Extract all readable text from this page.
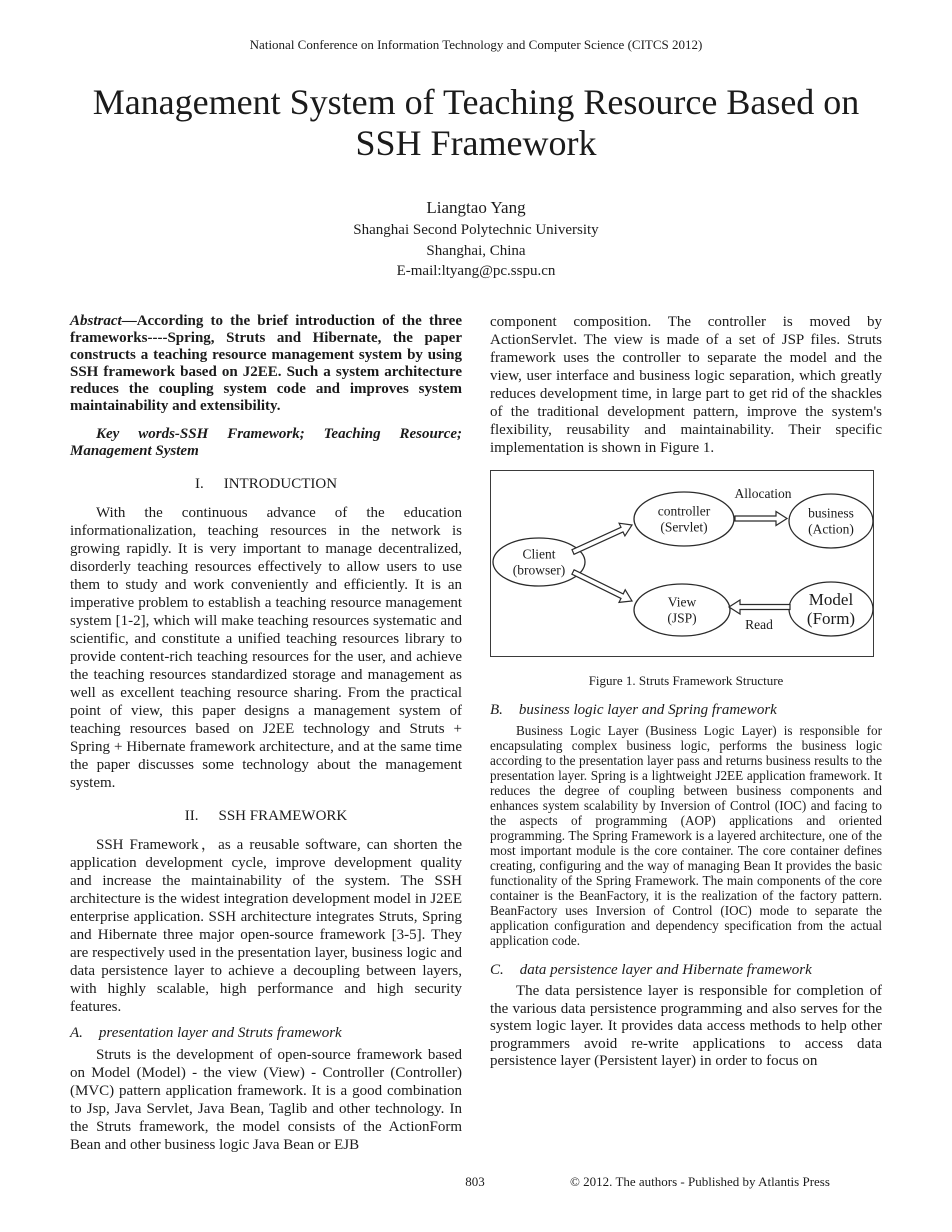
National Conference on Information Technology and Computer Science (CITCS 2012)
Management System of Teaching Resource Based on
SSH Framework
Liangtao Yang
Shanghai Second Polytechnic University
Shanghai, China
E-mail:ltyang@pc.sspu.cn

Abstract—According to the brief introduction of the three frameworks----Spring, Struts and Hibernate, the paper constructs a teaching resource management system by using SSH framework based on J2EE. Such a system architecture reduces the coupling system code and improves system maintainability and extensibility.

Key words-SSH Framework; Teaching Resource; Management System

I. INTRODUCTION

With the continuous advance of the education informationalization, teaching resources in the network is growing rapidly. It is very important to manage decentralized, disorderly teaching resources effectively to allow users to use them to study and work conveniently and efficiently. It is an imperative problem to establish a teaching resource management system [1-2], which will make teaching resources systematic and scientific, and constitute a unified teaching resources library to provide content-rich teaching resources for the user, and achieve the teaching resources standardized storage and management as well as excellent teaching resource sharing. From the practical point of view, this paper designs a management system of teaching resources based on J2EE technology and Struts + Spring + Hibernate framework architecture, and at the same time the paper discusses some technology about the management system.

II. SSH FRAMEWORK

SSH Framework，as a reusable software, can shorten the application development cycle, improve development quality and increase the maintainability of the system. The SSH architecture is the widest integration development model in J2EE enterprise application. SSH architecture integrates Struts, Spring and Hibernate three major open-source framework [3-5]. They are respectively used in the presentation layer, business logic and data persistence layer to achieve a decoupling between layers, with highly scalable, high performance and high security features.

A. presentation layer and Struts framework

Struts is the development of open-source framework based on Model (Model) - the view (View) - Controller (Controller) (MVC) pattern application framework. It is a good combination to Jsp, Java Servlet, Java Bean, Taglib and other technology. In the Struts framework, the model consists of the ActionForm Bean and other business logic Java Bean or EJB

component composition. The controller is moved by ActionServlet. The view is made of a set of JSP files. Struts framework uses the controller to separate the model and the view, user interface and business logic separation, which greatly reduces development time, in large part to get rid of the shackles of the traditional development pattern, improve the system's flexibility, reusability and maintainability. Their specific implementation is shown in Figure 1.

Client
(browser)
controller
(Servlet)
business
(Action)
View
(JSP)
Model
(Form)
Allocation
Read
Figure 1. Struts Framework Structure
B. business logic layer and Spring framework

Business Logic Layer (Business Logic Layer) is responsible for encapsulating complex business logic, performs the business logic according to the presentation layer pass and returns business results to the presentation layer. Spring is a lightweight J2EE application framework. It reduces the degree of coupling between business components and enhances system scalability by Inversion of Control (IOC) and facing to the aspects of programming (AOP) applications and oriented programming. The Spring Framework is a layered architecture, one of the most important module is the core container. The core container defines creating, configuring and the way of managing Bean It provides the basic functionality of the Spring Framework. The main components of the core container is the BeanFactory, it is the realization of the factory pattern. BeanFactory uses Inversion of Control (IOC) mode to separate the application configuration and dependency specification from the actual application code.

C. data persistence layer and Hibernate framework

The data persistence layer is responsible for completion of the various data persistence programming and also serves for the system logic layer. It provides data access methods to help other programmers avoid re-write applications to access data persistence layer (Persistent layer) in order to focus on

803	© 2012. The authors - Published by Atlantis Press
